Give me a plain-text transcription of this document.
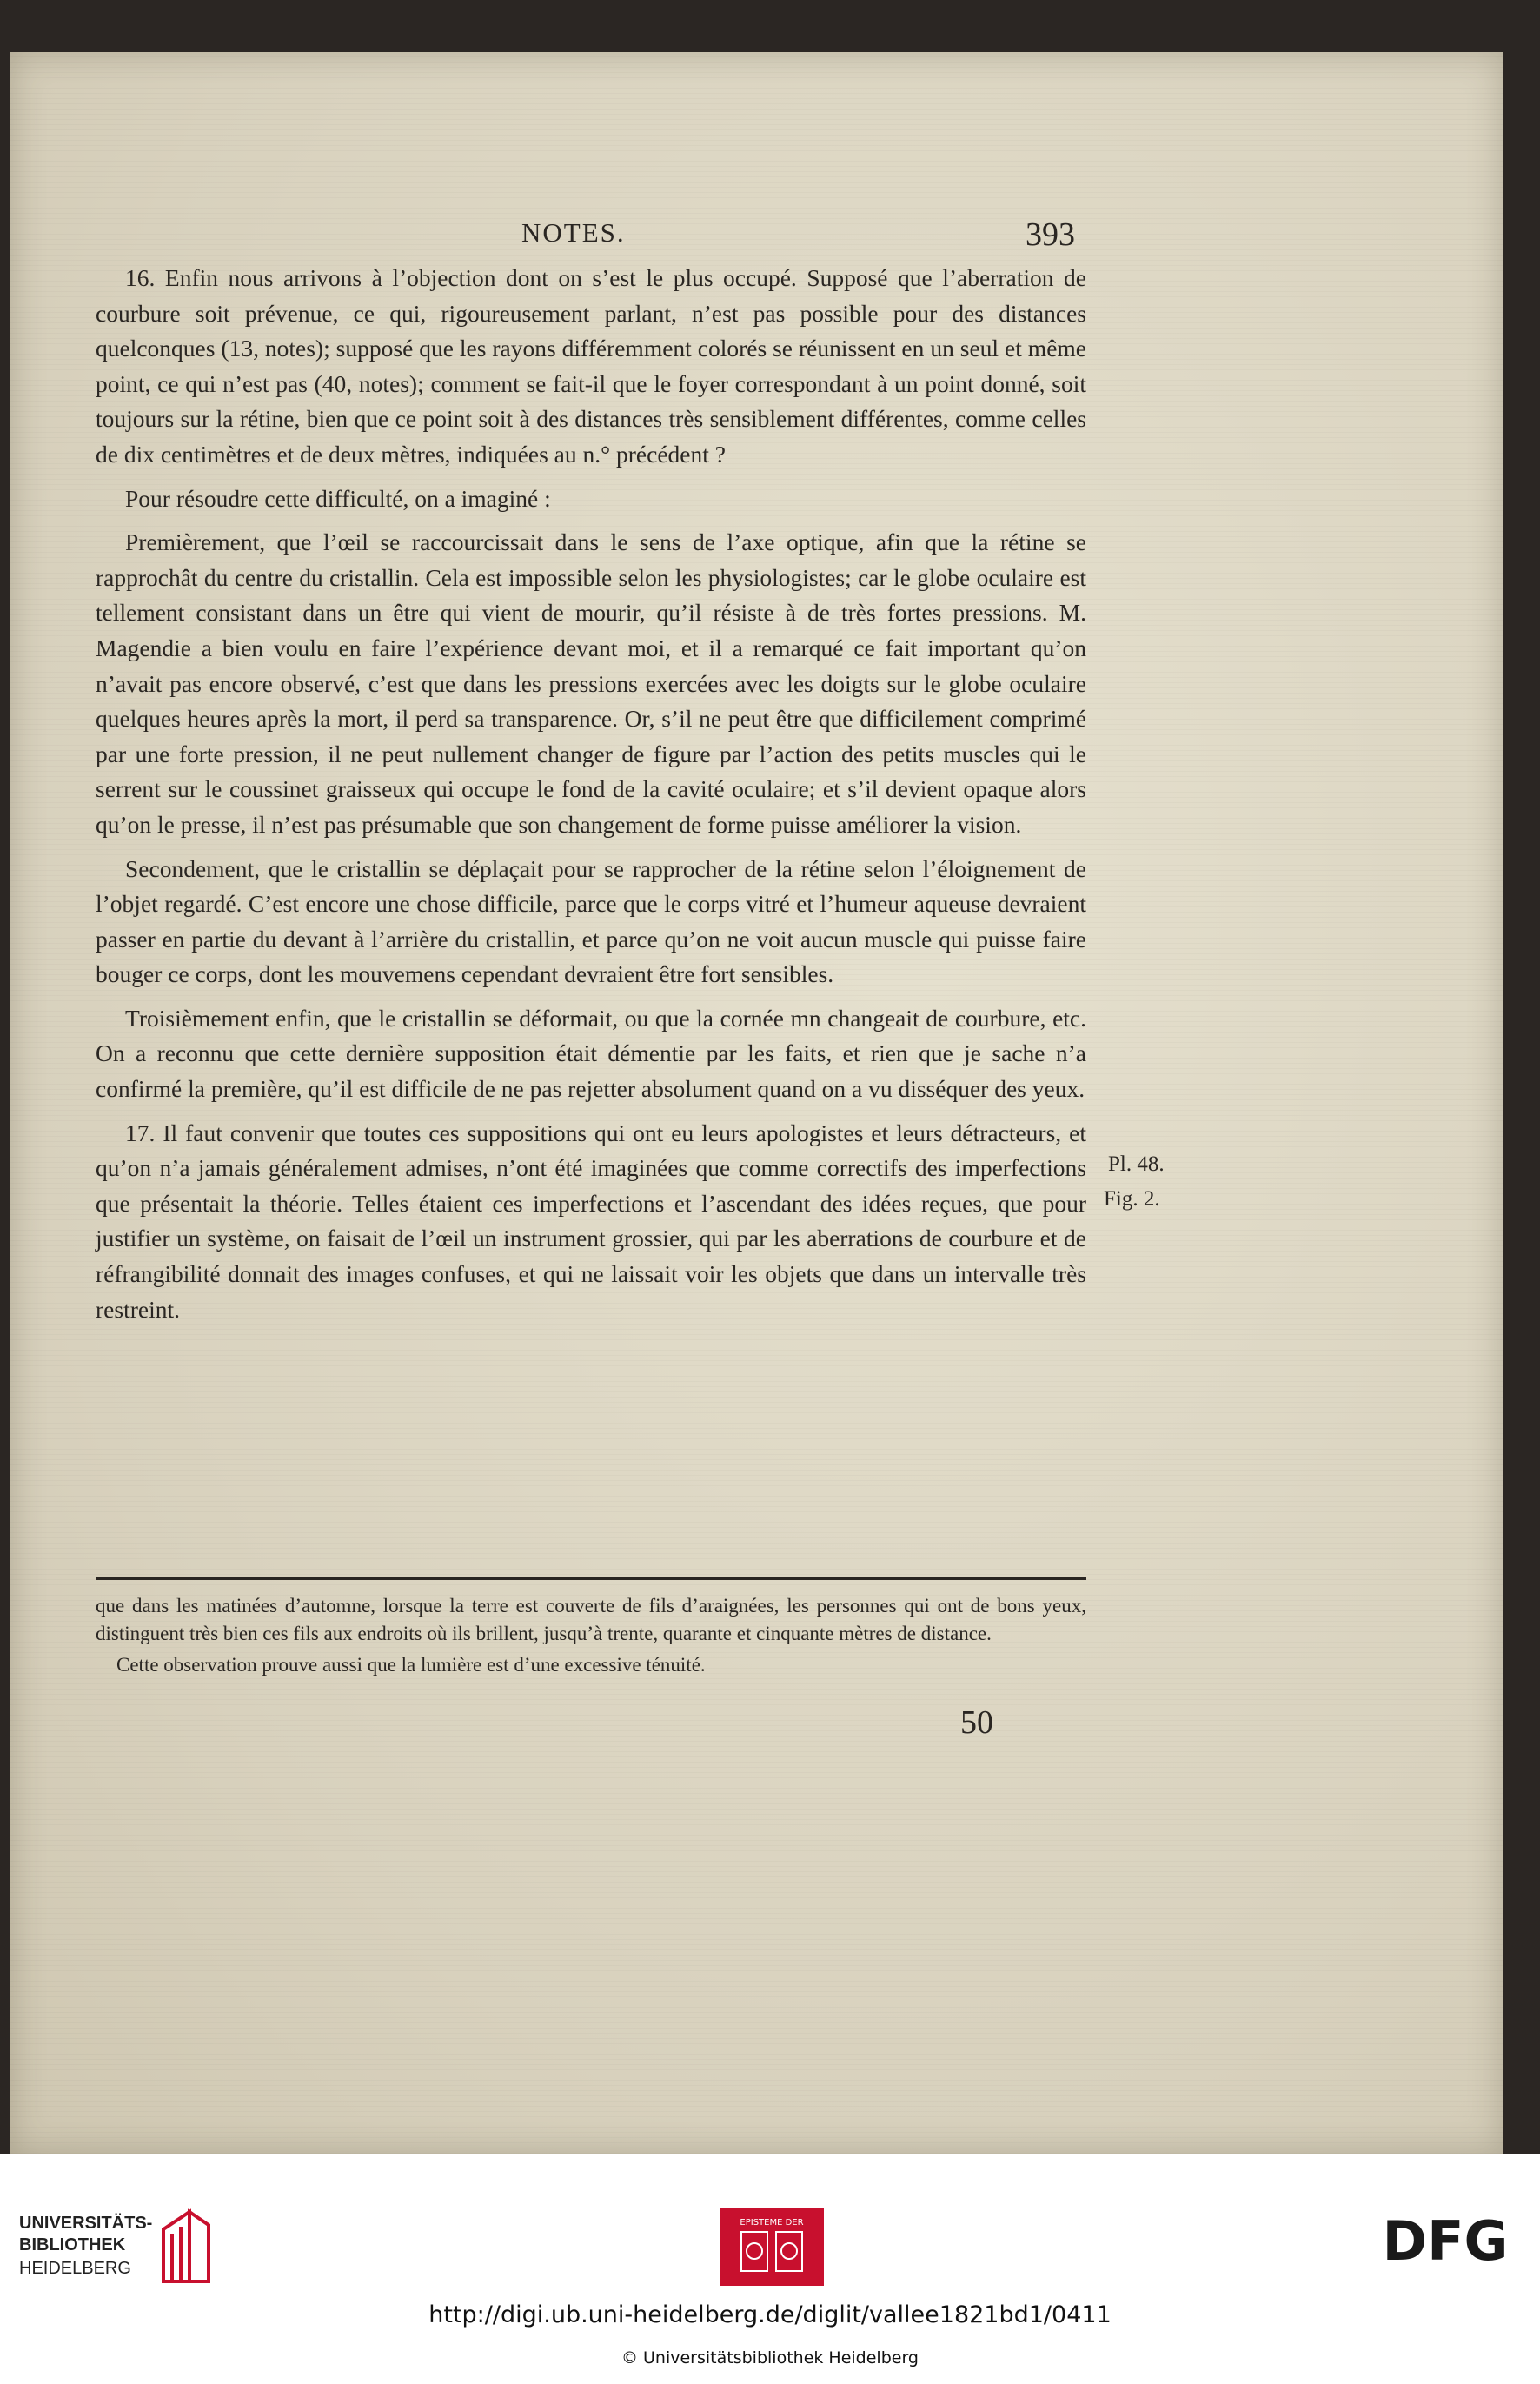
NOTES.	393

16. Enfin nous arrivons à l’objection dont on s’est le plus occupé. Supposé que l’aberration de courbure soit prévenue, ce qui, rigoureusement parlant, n’est pas possible pour des distances quelconques (13, notes); supposé que les rayons différemment colorés se réunissent en un seul et même point, ce qui n’est pas (40, notes); comment se fait-il que le foyer correspondant à un point donné, soit toujours sur la rétine, bien que ce point soit à des distances très sensiblement différentes, comme celles de dix centimètres et de deux mètres, indiquées au n.° précédent ?

Pour résoudre cette difficulté, on a imaginé :

Premièrement, que l’œil se raccourcissait dans le sens de l’axe optique, afin que la rétine se rapprochât du centre du cristallin. Cela est impossible selon les physiologistes; car le globe oculaire est tellement consistant dans un être qui vient de mourir, qu’il résiste à de très fortes pressions. M. Magendie a bien voulu en faire l’expérience devant moi, et il a remarqué ce fait important qu’on n’avait pas encore observé, c’est que dans les pressions exercées avec les doigts sur le globe oculaire quelques heures après la mort, il perd sa transparence. Or, s’il ne peut être que difficilement comprimé par une forte pression, il ne peut nullement changer de figure par l’action des petits muscles qui le serrent sur le coussinet graisseux qui occupe le fond de la cavité oculaire; et s’il devient opaque alors qu’on le presse, il n’est pas présumable que son changement de forme puisse améliorer la vision.

Secondement, que le cristallin se déplaçait pour se rapprocher de la rétine selon l’éloignement de l’objet regardé. C’est encore une chose difficile, parce que le corps vitré et l’humeur aqueuse devraient passer en partie du devant à l’arrière du cristallin, et parce qu’on ne voit aucun muscle qui puisse faire bouger ce corps, dont les mouvemens cependant devraient être fort sensibles.

Troisièmement enfin, que le cristallin se déformait, ou que la cornée mn changeait de courbure, etc. On a reconnu que cette dernière supposition était démentie par les faits, et rien que je sache n’a confirmé la première, qu’il est difficile de ne pas rejetter absolument quand on a vu disséquer des yeux.

17. Il faut convenir que toutes ces suppositions qui ont eu leurs apologistes et leurs détracteurs, et qu’on n’a jamais généralement admises, n’ont été imaginées que comme correctifs des imperfections que présentait la théorie. Telles étaient ces imperfections et l’ascendant des idées reçues, que pour justifier un système, on faisait de l’œil un instrument grossier, qui par les aberrations de courbure et de réfrangibilité donnait des images confuses, et qui ne laissait voir les objets que dans un intervalle très restreint.

Pl. 48.
Fig. 2.

que dans les matinées d’automne, lorsque la terre est couverte de fils d’araignées, les personnes qui ont de bons yeux, distinguent très bien ces fils aux endroits où ils brillent, jusqu’à trente, quarante et cinquante mètres de distance.

Cette observation prouve aussi que la lumière est d’une excessive ténuité.

50
UNIVERSITÄTS-
BIBLIOTHEK
HEIDELBERG
EPISTEME DER	DFG
http://digi.ub.uni-heidelberg.de/diglit/vallee1821bd1/0411
© Universitätsbibliothek Heidelberg
